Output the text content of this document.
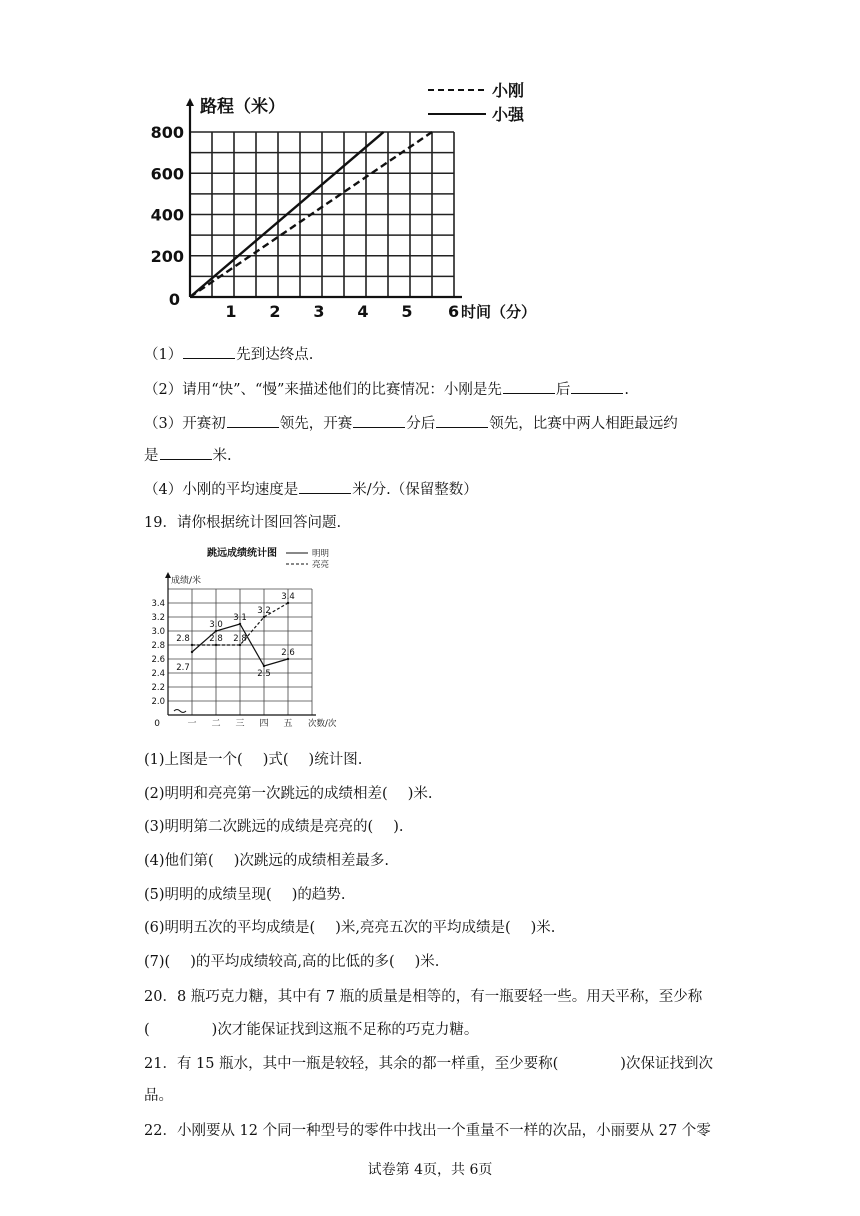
路程（米）
200
400
600
800
0
1 2 3 4 5 6 时间（分）
小刚
小强
（1）	先到达终点.
（2）请用“快”、“慢”来描述他们的比赛情况：小刚是先	后	.
（3）开赛初	领先，开赛	分后	领先，比赛中两人相距最远约
是	米.
（4）小刚的平均速度是	米/分.（保留整数）
19．请你根据统计图回答问题.
成绩/米
跳远成绩统计图
2.0
2.2
2.4
2.6
2.8
3.0
3.2
3.4
0	一 二 三 四 五 次数/次
2.7
3.0
3.1
2.5
2.6
2.8 2.8 2.8
3.2
3.4
明明
亮亮
(1)上图是一个( )式( )统计图.
(2)明明和亮亮第一次跳远的成绩相差( )米.
(3)明明第二次跳远的成绩是亮亮的( ).
(4)他们第( )次跳远的成绩相差最多.
(5)明明的成绩呈现( )的趋势.
(6)明明五次的平均成绩是( )米,亮亮五次的平均成绩是( )米.
(7)( )的平均成绩较高,高的比低的多( )米.
20．8 瓶巧克力糖，其中有 7 瓶的质量是相等的，有一瓶要轻一些。用天平称，至少称
(	)次才能保证找到这瓶不足称的巧克力糖。
21．有 15 瓶水，其中一瓶是较轻，其余的都一样重，至少要称(	)次保证找到次
品。
22．小刚要从 12 个同一种型号的零件中找出一个重量不一样的次品，小丽要从 27 个零
试卷第 4页，共 6页
